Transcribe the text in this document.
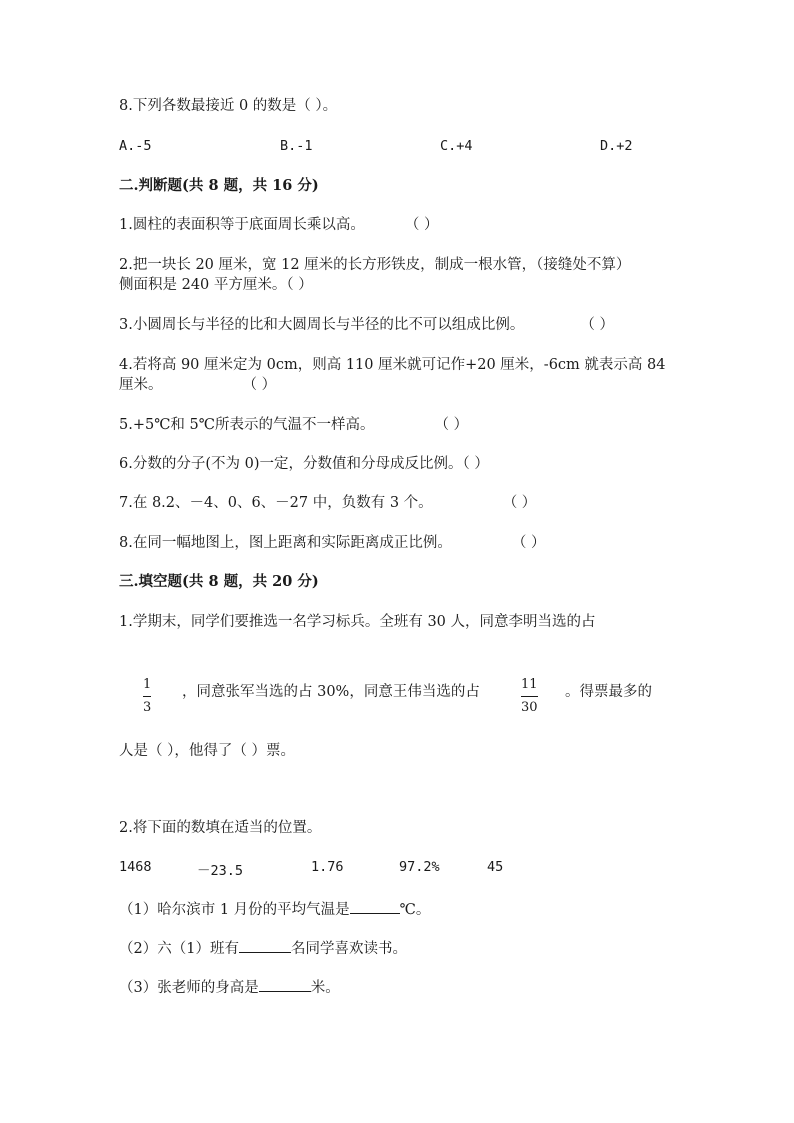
8.下列各数最接近 0 的数是（ ）。
A.-5	B.-1	C.+4	D.+2
二.判断题(共 8 题，共 16 分)
1.圆柱的表面积等于底面周长乘以高。	（ ）
2.把一块长 20 厘米，宽 12 厘米的长方形铁皮，制成一根水管，（接缝处不算）
侧面积是 240 平方厘米。（ ）
3.小圆周长与半径的比和大圆周长与半径的比不可以组成比例。	（ ）
4.若将高 90 厘米定为 0cm，则高 110 厘米就可记作+20 厘米，-6cm 就表示高 84
厘米。	（ ）
5.+5℃和 5℃所表示的气温不一样高。	（ ）
6.分数的分子(不为 0)一定，分数值和分母成反比例。（ ）
7.在 8.2、－4、0、6、－27 中，负数有 3 个。	（ ）
8.在同一幅地图上，图上距离和实际距离成正比例。	（ ）
三.填空题(共 8 题，共 20 分)
1.学期末，同学们要推选一名学习标兵。全班有 30 人，同意李明当选的占
1
3
，同意张军当选的占 30%，同意王伟当选的占	11
30
。得票最多的
人是（ ），他得了（ ）票。
2.将下面的数填在适当的位置。
1468	－23.5	1.76	97.2%	45
（1）哈尔滨市 1 月份的平均气温是	℃。
（2）六（1）班有	名同学喜欢读书。
（3）张老师的身高是	米。
